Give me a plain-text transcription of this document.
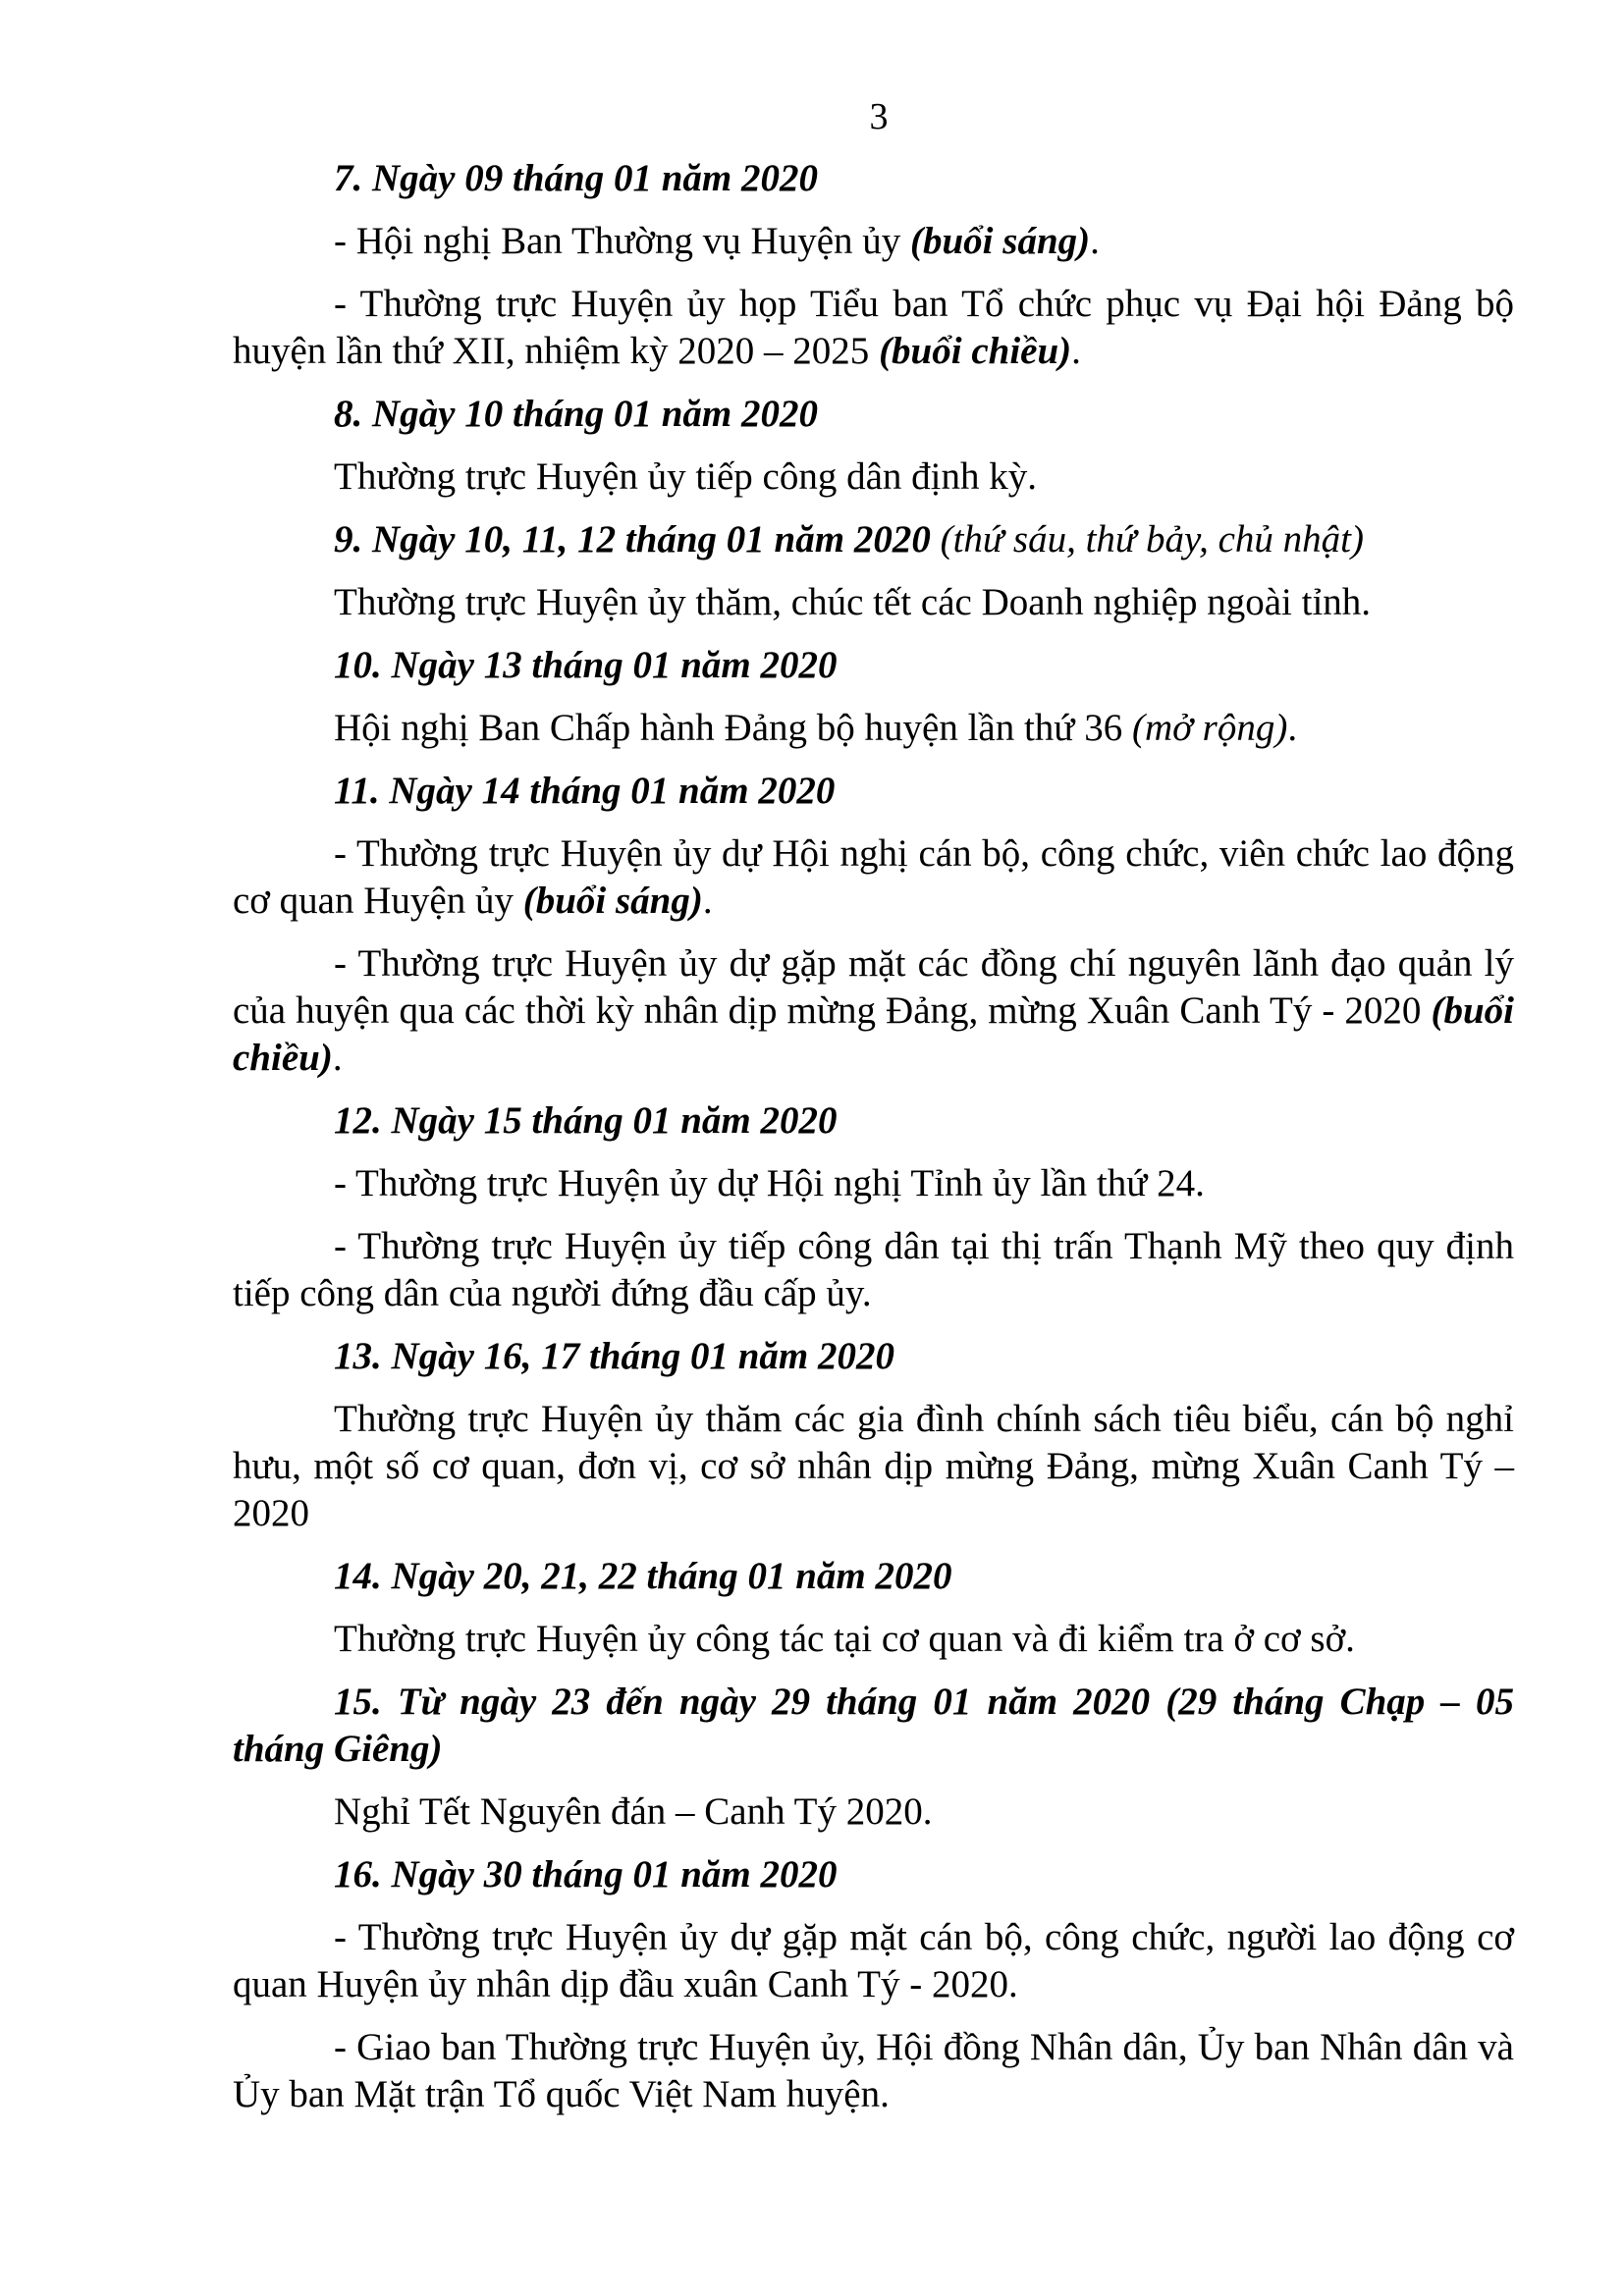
3

7. Ngày 09 tháng 01 năm 2020

- Hội nghị Ban Thường vụ Huyện ủy (buổi sáng).

- Thường trực Huyện ủy họp Tiểu ban Tổ chức phục vụ Đại hội Đảng bộ huyện lần thứ XII, nhiệm kỳ 2020 – 2025 (buổi chiều).

8. Ngày 10 tháng 01 năm 2020

Thường trực Huyện ủy tiếp công dân định kỳ.

9. Ngày 10, 11, 12 tháng 01 năm 2020 (thứ sáu, thứ bảy, chủ nhật)

Thường trực Huyện ủy thăm, chúc tết các Doanh nghiệp ngoài tỉnh.

10. Ngày 13 tháng 01 năm 2020

Hội nghị Ban Chấp hành Đảng bộ huyện lần thứ 36 (mở rộng).

11. Ngày 14 tháng 01 năm 2020

- Thường trực Huyện ủy dự Hội nghị cán bộ, công chức, viên chức lao động cơ quan Huyện ủy (buổi sáng).

- Thường trực Huyện ủy dự gặp mặt các đồng chí nguyên lãnh đạo quản lý của huyện qua các thời kỳ nhân dịp mừng Đảng, mừng Xuân Canh Tý - 2020 (buổi chiều).

12. Ngày 15 tháng 01 năm 2020

- Thường trực Huyện ủy dự Hội nghị Tỉnh ủy lần thứ 24.

- Thường trực Huyện ủy tiếp công dân tại thị trấn Thạnh Mỹ theo quy định tiếp công dân của người đứng đầu cấp ủy.

13. Ngày 16, 17 tháng 01 năm 2020

Thường trực Huyện ủy thăm các gia đình chính sách tiêu biểu, cán bộ nghỉ hưu, một số cơ quan, đơn vị, cơ sở nhân dịp mừng Đảng, mừng Xuân Canh Tý – 2020

14. Ngày 20, 21, 22 tháng 01 năm 2020

Thường trực Huyện ủy công tác tại cơ quan và đi kiểm tra ở cơ sở.

15. Từ ngày 23 đến ngày 29 tháng 01 năm 2020 (29 tháng Chạp – 05 tháng Giêng)

Nghỉ Tết Nguyên đán – Canh Tý 2020.

16. Ngày 30 tháng 01 năm 2020

- Thường trực Huyện ủy dự gặp mặt cán bộ, công chức, người lao động cơ quan Huyện ủy nhân dịp đầu xuân Canh Tý - 2020.

- Giao ban Thường trực Huyện ủy, Hội đồng Nhân dân, Ủy ban Nhân dân và Ủy ban Mặt trận Tổ quốc Việt Nam huyện.
